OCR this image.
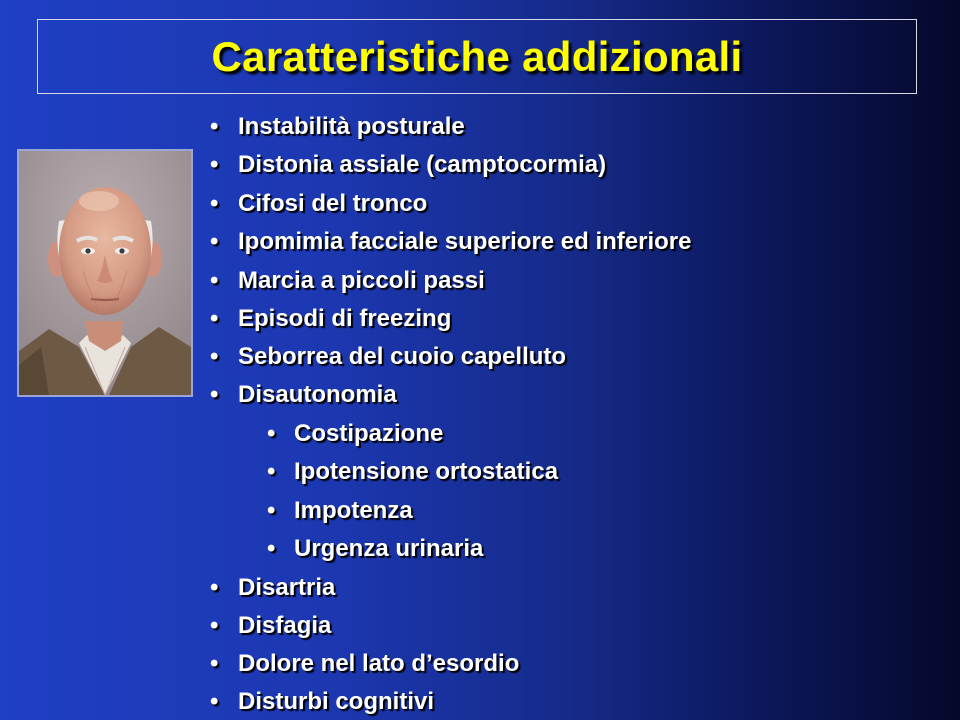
Caratteristiche addizionali
• Instabilità posturale
• Distonia assiale (camptocormia)
• Cifosi del tronco
• Ipomimia facciale superiore ed inferiore
• Marcia a piccoli passi
• Episodi di freezing
• Seborrea del cuoio capelluto
• Disautonomia
• Costipazione
• Ipotensione ortostatica
• Impotenza
• Urgenza urinaria
• Disartria
• Disfagia
• Dolore nel lato d’esordio
• Disturbi cognitivi
